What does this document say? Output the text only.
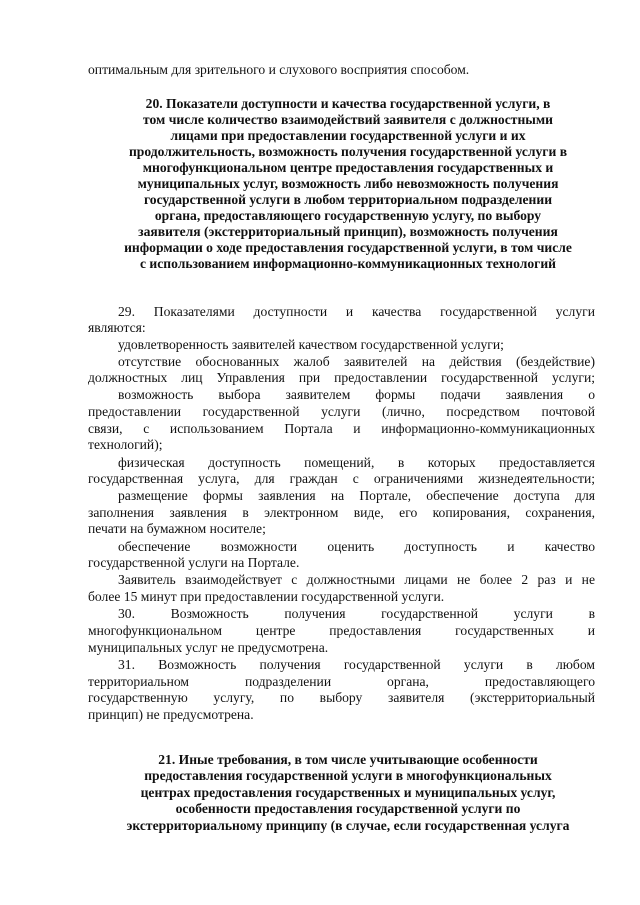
оптимальным для зрительного и слухового восприятия способом.
20. Показатели доступности и качества государственной услуги, в
том числе количество взаимодействий заявителя с должностными
лицами при предоставлении государственной услуги и их
продолжительность, возможность получения государственной услуги в
многофункциональном центре предоставления государственных и
муниципальных услуг, возможность либо невозможность получения
государственной услуги в любом территориальном подразделении
органа, предоставляющего государственную услугу, по выбору
заявителя (экстерриториальный принцип), возможность получения
информации о ходе предоставления государственной услуги, в том числе
с использованием информационно-коммуникационных технологий
29. Показателями доступности и качества государственной услуги
являются:
удовлетворенность заявителей качеством государственной услуги;
отсутствие обоснованных жалоб заявителей на действия (бездействие)
должностных лиц Управления при предоставлении государственной услуги;
возможность выбора заявителем формы подачи заявления о
предоставлении государственной услуги (лично, посредством почтовой
связи, с использованием Портала и информационно-коммуникационных
технологий);
физическая доступность помещений, в которых предоставляется
государственная услуга, для граждан с ограничениями жизнедеятельности;
размещение формы заявления на Портале, обеспечение доступа для
заполнения заявления в электронном виде, его копирования, сохранения,
печати на бумажном носителе;
обеспечение возможности оценить доступность и качество
государственной услуги на Портале.
Заявитель взаимодействует с должностными лицами не более 2 раз и не
более 15 минут при предоставлении государственной услуги.
30. Возможность получения государственной услуги в
многофункциональном центре предоставления государственных и
муниципальных услуг не предусмотрена.
31. Возможность получения государственной услуги в любом
территориальном подразделении органа, предоставляющего
государственную услугу, по выбору заявителя (экстерриториальный
принцип) не предусмотрена.
21. Иные требования, в том числе учитывающие особенности
предоставления государственной услуги в многофункциональных
центрах предоставления государственных и муниципальных услуг,
особенности предоставления государственной услуги по
экстерриториальному принципу (в случае, если государственная услуга
